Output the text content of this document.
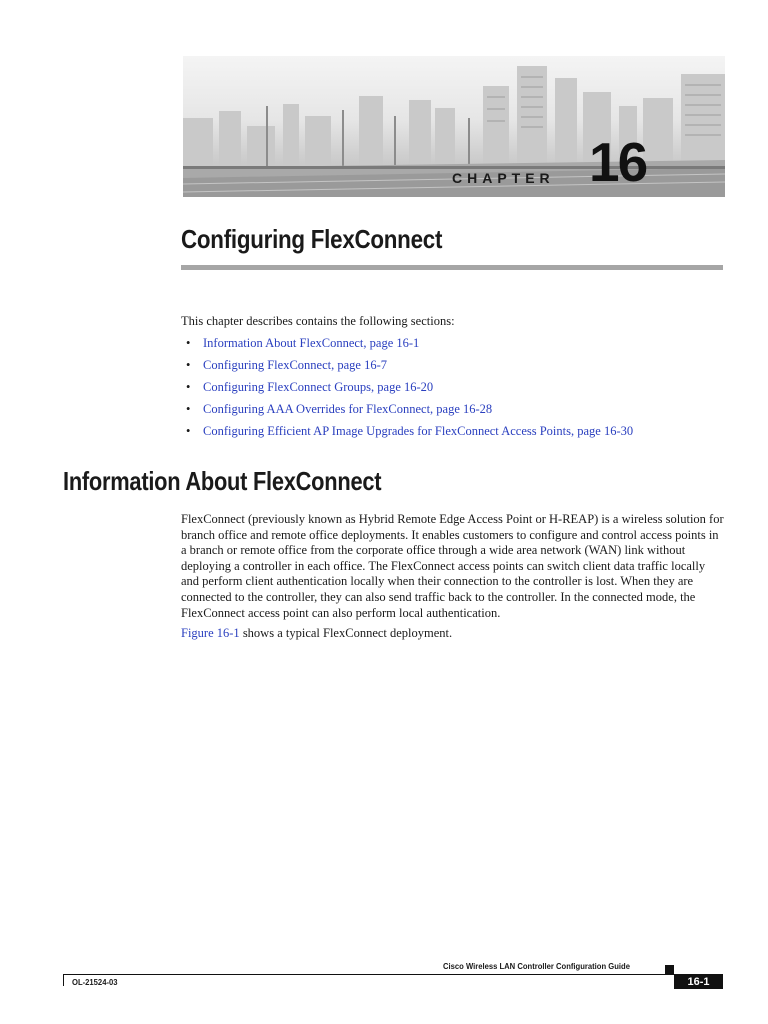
CHAPTER 16
Configuring FlexConnect

This chapter describes contains the following sections:

• Information About FlexConnect, page 16-1
• Configuring FlexConnect, page 16-7
• Configuring FlexConnect Groups, page 16-20
• Configuring AAA Overrides for FlexConnect, page 16-28
• Configuring Efficient AP Image Upgrades for FlexConnect Access Points, page 16-30
Information About FlexConnect

FlexConnect (previously known as Hybrid Remote Edge Access Point or H-REAP) is a wireless solution for branch office and remote office deployments. It enables customers to configure and control access points in a branch or remote office from the corporate office through a wide area network (WAN) link without deploying a controller in each office. The FlexConnect access points can switch client data traffic locally and perform client authentication locally when their connection to the controller is lost. When they are connected to the controller, they can also send traffic back to the controller. In the connected mode, the FlexConnect access point can also perform local authentication.

Figure 16-1 shows a typical FlexConnect deployment.

Cisco Wireless LAN Controller Configuration Guide
OL-21524-03	16-1
